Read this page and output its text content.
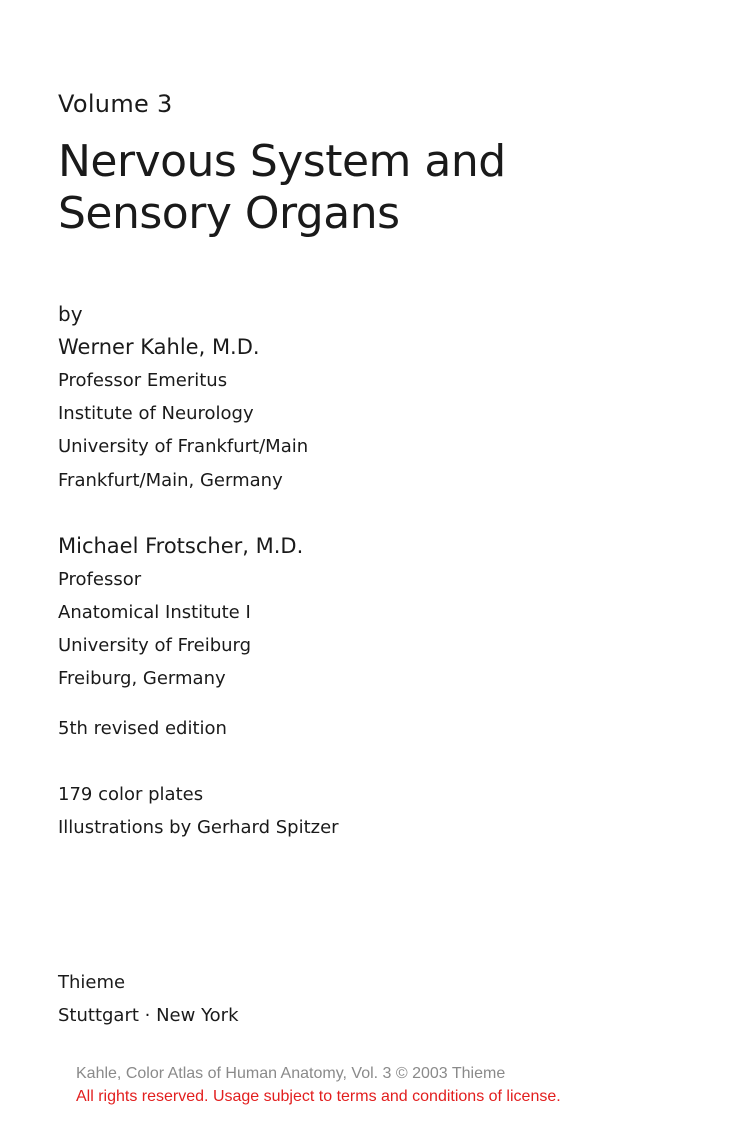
Volume 3
Nervous System and
Sensory Organs
by
Werner Kahle, M.D.
Professor Emeritus
Institute of Neurology
University of Frankfurt/Main
Frankfurt/Main, Germany
Michael Frotscher, M.D.
Professor
Anatomical Institute I
University of Freiburg
Freiburg, Germany
5th revised edition
179 color plates
Illustrations by Gerhard Spitzer
Thieme
Stuttgart · New York
Kahle, Color Atlas of Human Anatomy, Vol. 3 © 2003 Thieme
All rights reserved. Usage subject to terms and conditions of license.
